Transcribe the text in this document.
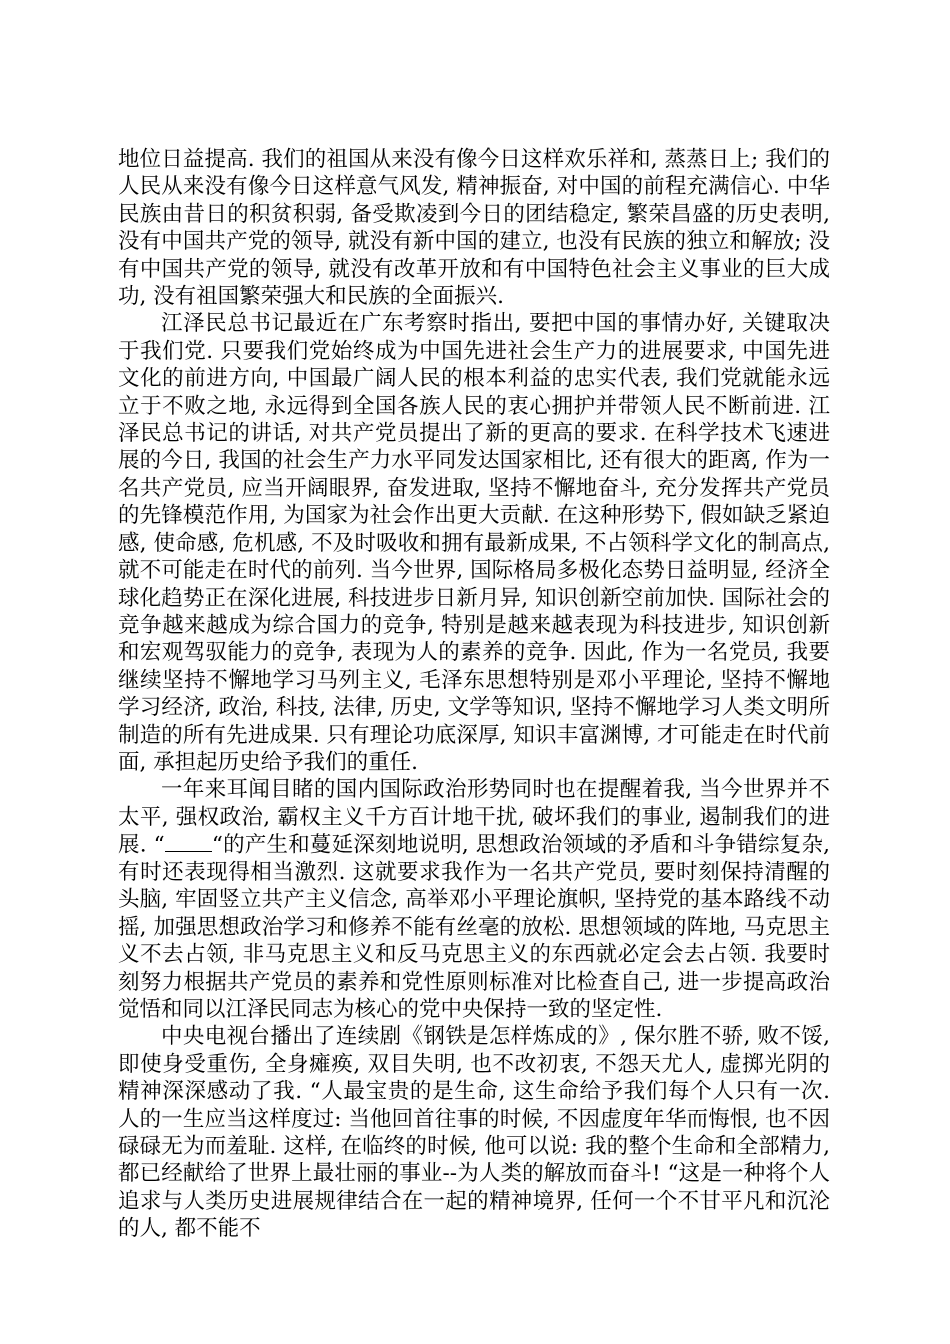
地位日益提高. 我们的祖国从来没有像今日这样欢乐祥和, 蒸蒸日上; 我们的人民从来没有像今日这样意气风发, 精神振奋, 对中国的前程充满信心. 中华民族由昔日的积贫积弱, 备受欺凌到今日的团结稳定, 繁荣昌盛的历史表明, 没有中国共产党的领导, 就没有新中国的建立, 也没有民族的独立和解放; 没有中国共产党的领导, 就没有改革开放和有中国特色社会主义事业的巨大成功, 没有祖国繁荣强大和民族的全面振兴.

江泽民总书记最近在广东考察时指出, 要把中国的事情办好, 关键取决于我们党. 只要我们党始终成为中国先进社会生产力的进展要求, 中国先进文化的前进方向, 中国最广阔人民的根本利益的忠实代表, 我们党就能永远立于不败之地, 永远得到全国各族人民的衷心拥护并带领人民不断前进. 江泽民总书记的讲话, 对共产党员提出了新的更高的要求. 在科学技术飞速进展的今日, 我国的社会生产力水平同发达国家相比, 还有很大的距离, 作为一名共产党员, 应当开阔眼界, 奋发进取, 坚持不懈地奋斗, 充分发挥共产党员的先锋模范作用, 为国家为社会作出更大贡献. 在这种形势下, 假如缺乏紧迫感, 使命感, 危机感, 不及时吸收和拥有最新成果, 不占领科学文化的制高点, 就不可能走在时代的前列. 当今世界, 国际格局多极化态势日益明显, 经济全球化趋势正在深化进展, 科技进步日新月异, 知识创新空前加快. 国际社会的竞争越来越成为综合国力的竞争, 特别是越来越表现为科技进步, 知识创新和宏观驾驭能力的竞争, 表现为人的素养的竞争. 因此, 作为一名党员, 我要继续坚持不懈地学习马列主义, 毛泽东思想特别是邓小平理论, 坚持不懈地学习经济, 政治, 科技, 法律, 历史, 文学等知识, 坚持不懈地学习人类文明所制造的所有先进成果. 只有理论功底深厚, 知识丰富渊博, 才可能走在时代前面, 承担起历史给予我们的重任.

一年来耳闻目睹的国内国际政治形势同时也在提醒着我, 当今世界并不太平, 强权政治, 霸权主义千方百计地干扰, 破坏我们的事业, 遏制我们的进展. “ “的产生和蔓延深刻地说明, 思想政治领域的矛盾和斗争错综复杂, 有时还表现得相当激烈. 这就要求我作为一名共产党员, 要时刻保持清醒的头脑, 牢固竖立共产主义信念, 高举邓小平理论旗帜, 坚持党的基本路线不动摇, 加强思想政治学习和修养不能有丝毫的放松. 思想领域的阵地, 马克思主义不去占领, 非马克思主义和反马克思主义的东西就必定会去占领. 我要时刻努力根据共产党员的素养和党性原则标准对比检查自己, 进一步提高政治觉悟和同以江泽民同志为核心的党中央保持一致的坚定性.

中央电视台播出了连续剧《钢铁是怎样炼成的》, 保尔胜不骄, 败不馁, 即使身受重伤, 全身瘫痪, 双目失明, 也不改初衷, 不怨天尤人, 虚掷光阴的精神深深感动了我. “人最宝贵的是生命, 这生命给予我们每个人只有一次. 人的一生应当这样度过: 当他回首往事的时候, 不因虚度年华而悔恨, 也不因碌碌无为而羞耻. 这样, 在临终的时候, 他可以说: 我的整个生命和全部精力, 都已经献给了世界上最壮丽的事业--为人类的解放而奋斗! “这是一种将个人追求与人类历史进展规律结合在一起的精神境界, 任何一个不甘平凡和沉沦的人, 都不能不
